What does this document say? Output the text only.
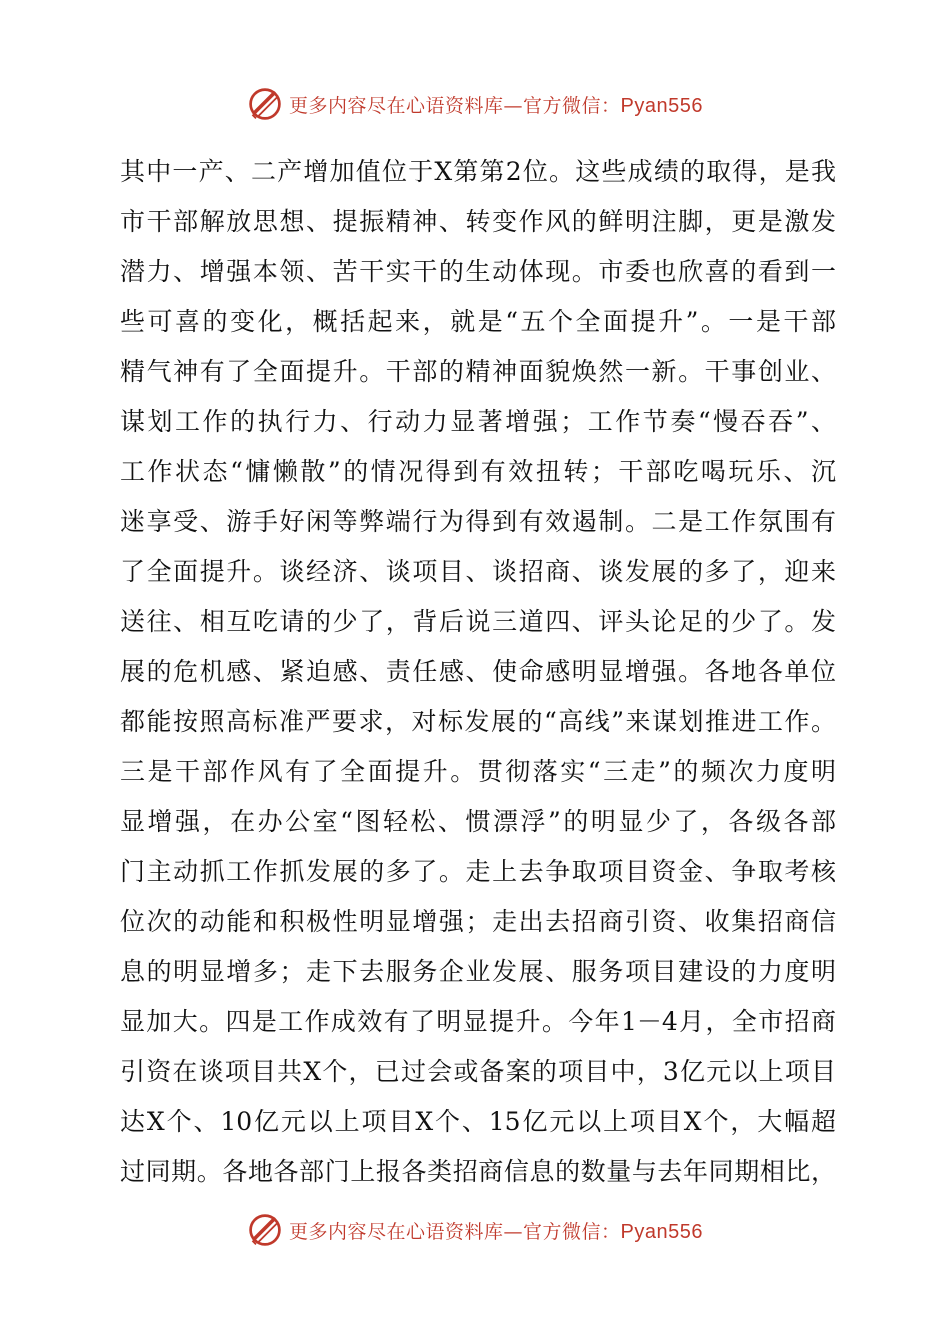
更多内容尽在心语资料库—官方微信：Pyan556
其中一产、二产增加值位于X第第2位。这些成绩的取得，是我
市干部解放思想、提振精神、转变作风的鲜明注脚，更是激发
潜力、增强本领、苦干实干的生动体现。市委也欣喜的看到一
些可喜的变化，概括起来，就是“五个全面提升”。一是干部
精气神有了全面提升。干部的精神面貌焕然一新。干事创业、
谋划工作的执行力、行动力显著增强；工作节奏“慢吞吞”、
工作状态“慵懒散”的情况得到有效扭转；干部吃喝玩乐、沉
迷享受、游手好闲等弊端行为得到有效遏制。二是工作氛围有
了全面提升。谈经济、谈项目、谈招商、谈发展的多了，迎来
送往、相互吃请的少了，背后说三道四、评头论足的少了。发
展的危机感、紧迫感、责任感、使命感明显增强。各地各单位
都能按照高标准严要求，对标发展的“高线”来谋划推进工作。
三是干部作风有了全面提升。贯彻落实“三走”的频次力度明
显增强，在办公室“图轻松、惯漂浮”的明显少了，各级各部
门主动抓工作抓发展的多了。走上去争取项目资金、争取考核
位次的动能和积极性明显增强；走出去招商引资、收集招商信
息的明显增多；走下去服务企业发展、服务项目建设的力度明
显加大。四是工作成效有了明显提升。今年1－4月，全市招商
引资在谈项目共X个，已过会或备案的项目中，3亿元以上项目
达X个、10亿元以上项目X个、15亿元以上项目X个，大幅超
过同期。各地各部门上报各类招商信息的数量与去年同期相比，
更多内容尽在心语资料库—官方微信：Pyan556
